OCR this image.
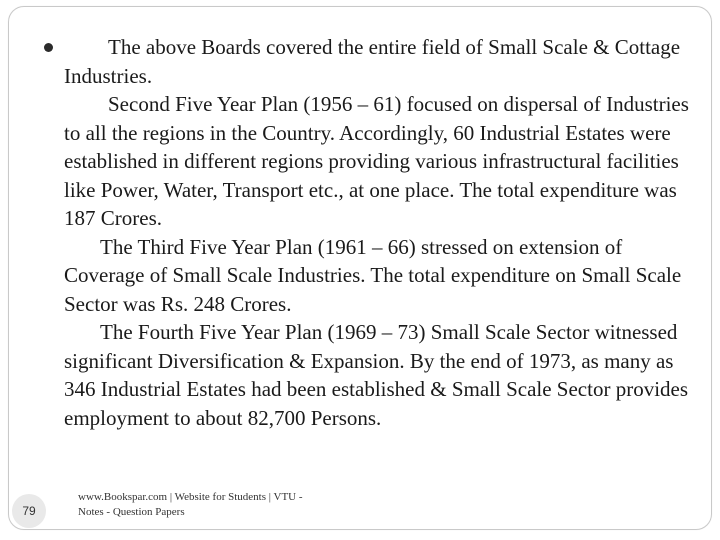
The above Boards covered the entire field of Small Scale & Cottage Industries.

Second Five Year Plan (1956 – 61) focused on dispersal of Industries to all the regions in the Country. Accordingly, 60 Industrial Estates were established in different regions providing various infrastructural facilities like Power, Water, Transport etc., at one place. The total expenditure was 187 Crores.

The Third Five Year Plan (1961 – 66) stressed on extension of Coverage of Small Scale Industries. The total expenditure on Small Scale Sector was Rs. 248 Crores.

The Fourth Five Year Plan (1969 – 73) Small Scale Sector witnessed significant Diversification & Expansion. By the end of 1973, as many as 346 Industrial Estates had been established & Small Scale Sector provides employment to about 82,700 Persons.

79
www.Bookspar.com | Website for Students | VTU -
Notes - Question Papers
